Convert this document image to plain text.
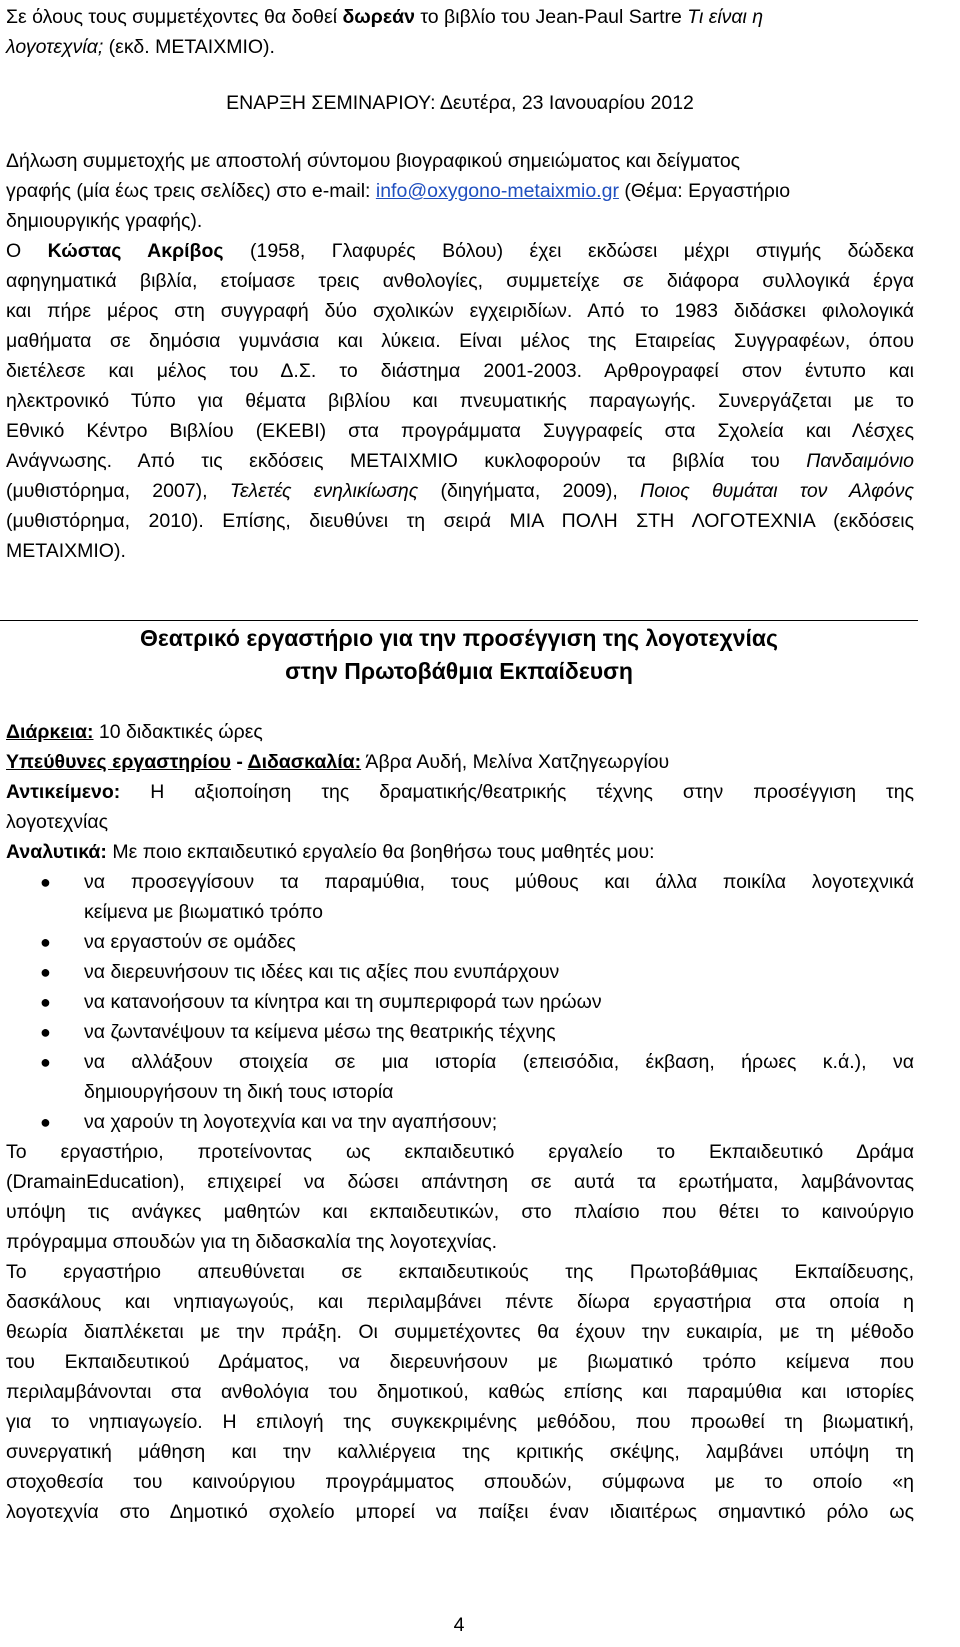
Σε όλους τους συμμετέχοντες θα δοθεί δωρεάν το βιβλίο του Jean-Paul Sartre Τι είναι η
λογοτεχνία; (εκδ. ΜΕΤΑΙΧΜΙΟ).
ΕΝΑΡΞΗ ΣΕΜΙΝΑΡΙΟΥ: Δευτέρα, 23 Ιανουαρίου 2012
Δήλωση συμμετοχής με αποστολή σύντομου βιογραφικού σημειώματος και δείγματος
γραφής (μία έως τρεις σελίδες) στο e-mail: info@oxygono-metaixmio.gr (Θέμα: Εργαστήριο
δημιουργικής γραφής).
Ο Κώστας Ακρίβος (1958, Γλαφυρές Βόλου) έχει εκδώσει μέχρι στιγμής δώδεκα
αφηγηματικά βιβλία, ετοίμασε τρεις ανθολογίες, συμμετείχε σε διάφορα συλλογικά έργα
και πήρε μέρος στη συγγραφή δύο σχολικών εγχειριδίων. Από το 1983 διδάσκει φιλολογικά
μαθήματα σε δημόσια γυμνάσια και λύκεια. Είναι μέλος της Εταιρείας Συγγραφέων, όπου
διετέλεσε και μέλος του Δ.Σ. το διάστημα 2001-2003. Αρθρογραφεί στον έντυπο και
ηλεκτρονικό Τύπο για θέματα βιβλίου και πνευματικής παραγωγής. Συνεργάζεται με το
Εθνικό Κέντρο Βιβλίου (ΕΚΕΒΙ) στα προγράμματα Συγγραφείς στα Σχολεία και Λέσχες
Ανάγνωσης. Από τις εκδόσεις ΜΕΤΑΙΧΜΙΟ κυκλοφορούν τα βιβλία του Πανδαιμόνιο
(μυθιστόρημα, 2007), Τελετές ενηλικίωσης (διηγήματα, 2009), Ποιος θυμάται τον Αλφόνς
(μυθιστόρημα, 2010). Επίσης, διευθύνει τη σειρά ΜΙΑ ΠΟΛΗ ΣΤΗ ΛΟΓΟΤΕΧΝΙΑ (εκδόσεις
ΜΕΤΑΙΧΜΙΟ).
Θεατρικό εργαστήριο για την προσέγγιση της λογοτεχνίας
στην Πρωτοβάθμια Εκπαίδευση
Διάρκεια: 10 διδακτικές ώρες
Υπεύθυνες εργαστηρίου - Διδασκαλία: Άβρα Αυδή, Μελίνα Χατζηγεωργίου
Αντικείμενο: Η αξιοποίηση της δραματικής/θεατρικής τέχνης στην προσέγγιση της
λογοτεχνίας
Αναλυτικά: Με ποιο εκπαιδευτικό εργαλείο θα βοηθήσω τους μαθητές μου:
● να προσεγγίσουν τα παραμύθια, τους μύθους και άλλα ποικίλα λογοτεχνικά
κείμενα με βιωματικό τρόπο
● να εργαστούν σε ομάδες
● να διερευνήσουν τις ιδέες και τις αξίες που ενυπάρχουν
● να κατανοήσουν τα κίνητρα και τη συμπεριφορά των ηρώων
● να ζωντανέψουν τα κείμενα μέσω της θεατρικής τέχνης
● να αλλάξουν στοιχεία σε μια ιστορία (επεισόδια, έκβαση, ήρωες κ.ά.), να
δημιουργήσουν τη δική τους ιστορία
● να χαρούν τη λογοτεχνία και να την αγαπήσουν;
Το εργαστήριο, προτείνοντας ως εκπαιδευτικό εργαλείο το Εκπαιδευτικό Δράμα
(DramainEducation), επιχειρεί να δώσει απάντηση σε αυτά τα ερωτήματα, λαμβάνοντας
υπόψη τις ανάγκες μαθητών και εκπαιδευτικών, στο πλαίσιο που θέτει το καινούργιο
πρόγραμμα σπουδών για τη διδασκαλία της λογοτεχνίας.
Το εργαστήριο απευθύνεται σε εκπαιδευτικούς της Πρωτοβάθμιας Εκπαίδευσης,
δασκάλους και νηπιαγωγούς, και περιλαμβάνει πέντε δίωρα εργαστήρια στα οποία η
θεωρία διαπλέκεται με την πράξη. Οι συμμετέχοντες θα έχουν την ευκαιρία, με τη μέθοδο
του Εκπαιδευτικού Δράματος, να διερευνήσουν με βιωματικό τρόπο κείμενα που
περιλαμβάνονται στα ανθολόγια του δημοτικού, καθώς επίσης και παραμύθια και ιστορίες
για το νηπιαγωγείο. Η επιλογή της συγκεκριμένης μεθόδου, που προωθεί τη βιωματική,
συνεργατική μάθηση και την καλλιέργεια της κριτικής σκέψης, λαμβάνει υπόψη τη
στοχοθεσία του καινούργιου προγράμματος σπουδών, σύμφωνα με το οποίο «η
λογοτεχνία στο Δημοτικό σχολείο μπορεί να παίξει έναν ιδιαιτέρως σημαντικό ρόλο ως
4
